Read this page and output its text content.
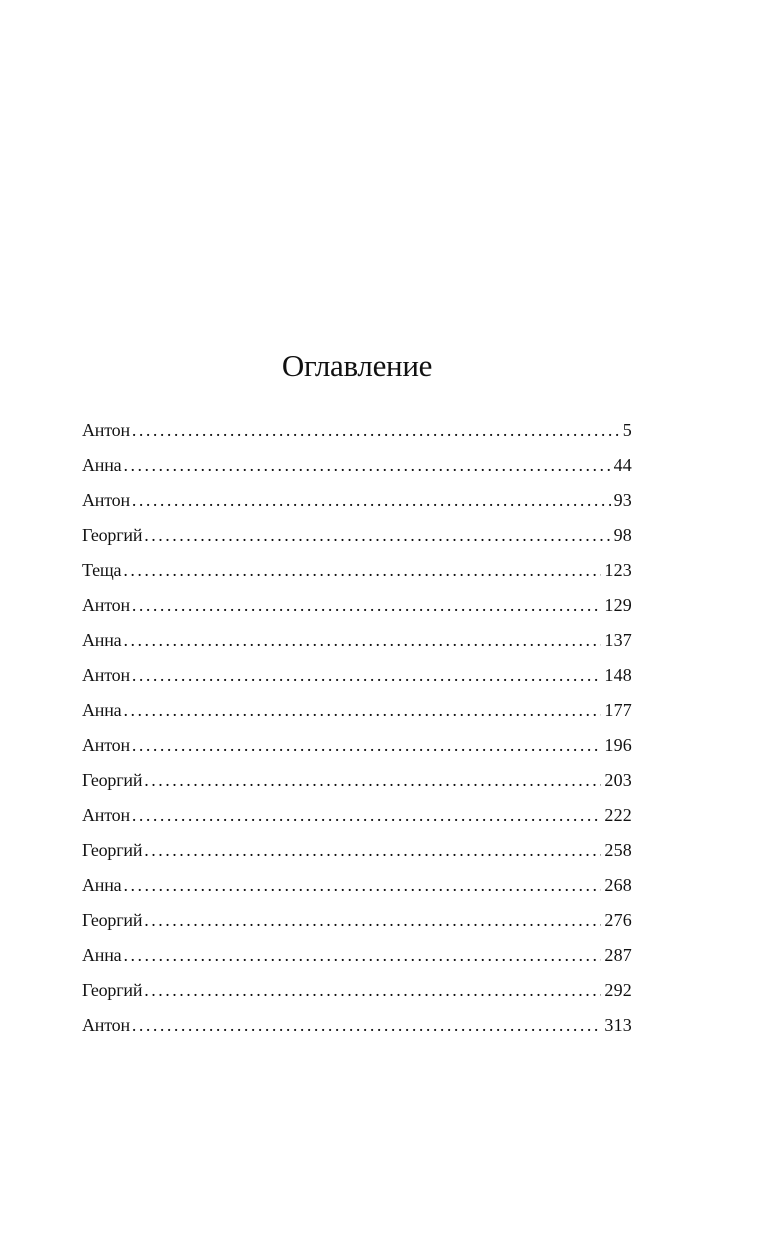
Оглавление
Антон . . .	5
Анна . . .	44
Антон . . .	93
Георгий . . .	98
Теща . . .	123
Антон . . .	129
Анна . . .	137
Антон . . .	148
Анна . . .	177
Антон . . .	196
Георгий . . .	203
Антон . . .	222
Георгий . . .	258
Анна . . .	268
Георгий . . .	276
Анна . . .	287
Георгий . . .	292
Антон . . .	313
